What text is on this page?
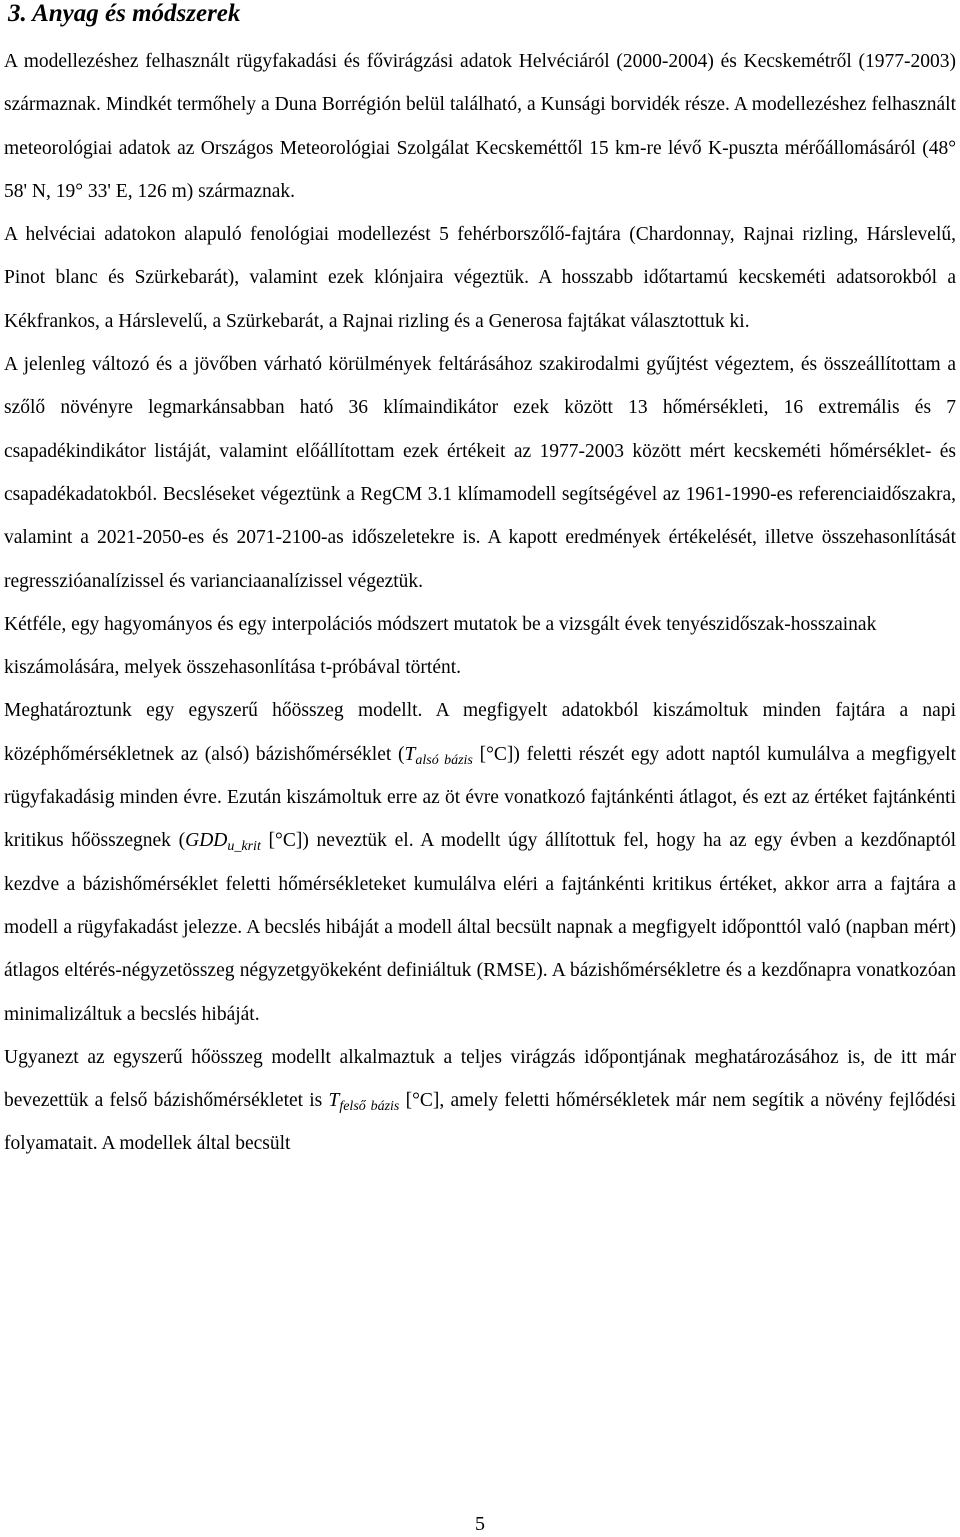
3. Anyag és módszerek

A modellezéshez felhasznált rügyfakadási és fővirágzási adatok Helvéciáról (2000-2004) és Kecskemétről (1977-2003) származnak. Mindkét termőhely a Duna Borrégión belül található, a Kunsági borvidék része. A modellezéshez felhasznált meteorológiai adatok az Országos Meteorológiai Szolgálat Kecskeméttől 15 km-re lévő K-puszta mérőállomásáról (48° 58' N, 19° 33' E, 126 m) származnak.

A helvéciai adatokon alapuló fenológiai modellezést 5 fehérborszőlő-fajtára (Chardonnay, Rajnai rizling, Hárslevelű, Pinot blanc és Szürkebarát), valamint ezek klónjaira végeztük. A hosszabb időtartamú kecskeméti adatsorokból a Kékfrankos, a Hárslevelű, a Szürkebarát, a Rajnai rizling és a Generosa fajtákat választottuk ki.

A jelenleg változó és a jövőben várható körülmények feltárásához szakirodalmi gyűjtést végeztem, és összeállítottam a szőlő növényre legmarkánsabban ható 36 klímaindikátor ezek között 13 hőmérsékleti, 16 extremális és 7 csapadékindikátor listáját, valamint előállítottam ezek értékeit az 1977-2003 között mért kecskeméti hőmérséklet- és csapadékadatokból. Becsléseket végeztünk a RegCM 3.1 klímamodell segítségével az 1961-1990-es referenciaidőszakra, valamint a 2021-2050-es és 2071-2100-as időszeletekre is. A kapott eredmények értékelését, illetve összehasonlítását regresszióanalízissel és varianciaanalízissel végeztük.

Kétféle, egy hagyományos és egy interpolációs módszert mutatok be a vizsgált évek tenyészidőszak-hosszainak kiszámolására, melyek összehasonlítása t-próbával történt.

Meghatároztunk egy egyszerű hőösszeg modellt. A megfigyelt adatokból kiszámoltuk minden fajtára a napi középhőmérsékletnek az (alsó) bázishőmérséklet ($T_{alsó bázis}$ [°C]) feletti részét egy adott naptól kumulálva a megfigyelt rügyfakadásig minden évre. Ezután kiszámoltuk erre az öt évre vonatkozó fajtánkénti átlagot, és ezt az értéket fajtánkénti kritikus hőösszegnek ($GDD_{u\_krit}$ [°C]) neveztük el. A modellt úgy állítottuk fel, hogy ha az egy évben a kezdőnaptól kezdve a bázishőmérséklet feletti hőmérsékleteket kumulálva eléri a fajtánkénti kritikus értéket, akkor arra a fajtára a modell a rügyfakadást jelezze. A becslés hibáját a modell által becsült napnak a megfigyelt időponttól való (napban mért) átlagos eltérés-négyzetösszeg négyzetgyökeként definiáltuk (RMSE). A bázishőmérsékletre és a kezdőnapra vonatkozóan minimalizáltuk a becslés hibáját.

Ugyanezt az egyszerű hőösszeg modellt alkalmaztuk a teljes virágzás időpontjának meghatározásához is, de itt már bevezettük a felső bázishőmérsékletet is $T_{felső bázis}$ [°C], amely feletti hőmérsékletek már nem segítik a növény fejlődési folyamatait. A modellek által becsült

5
